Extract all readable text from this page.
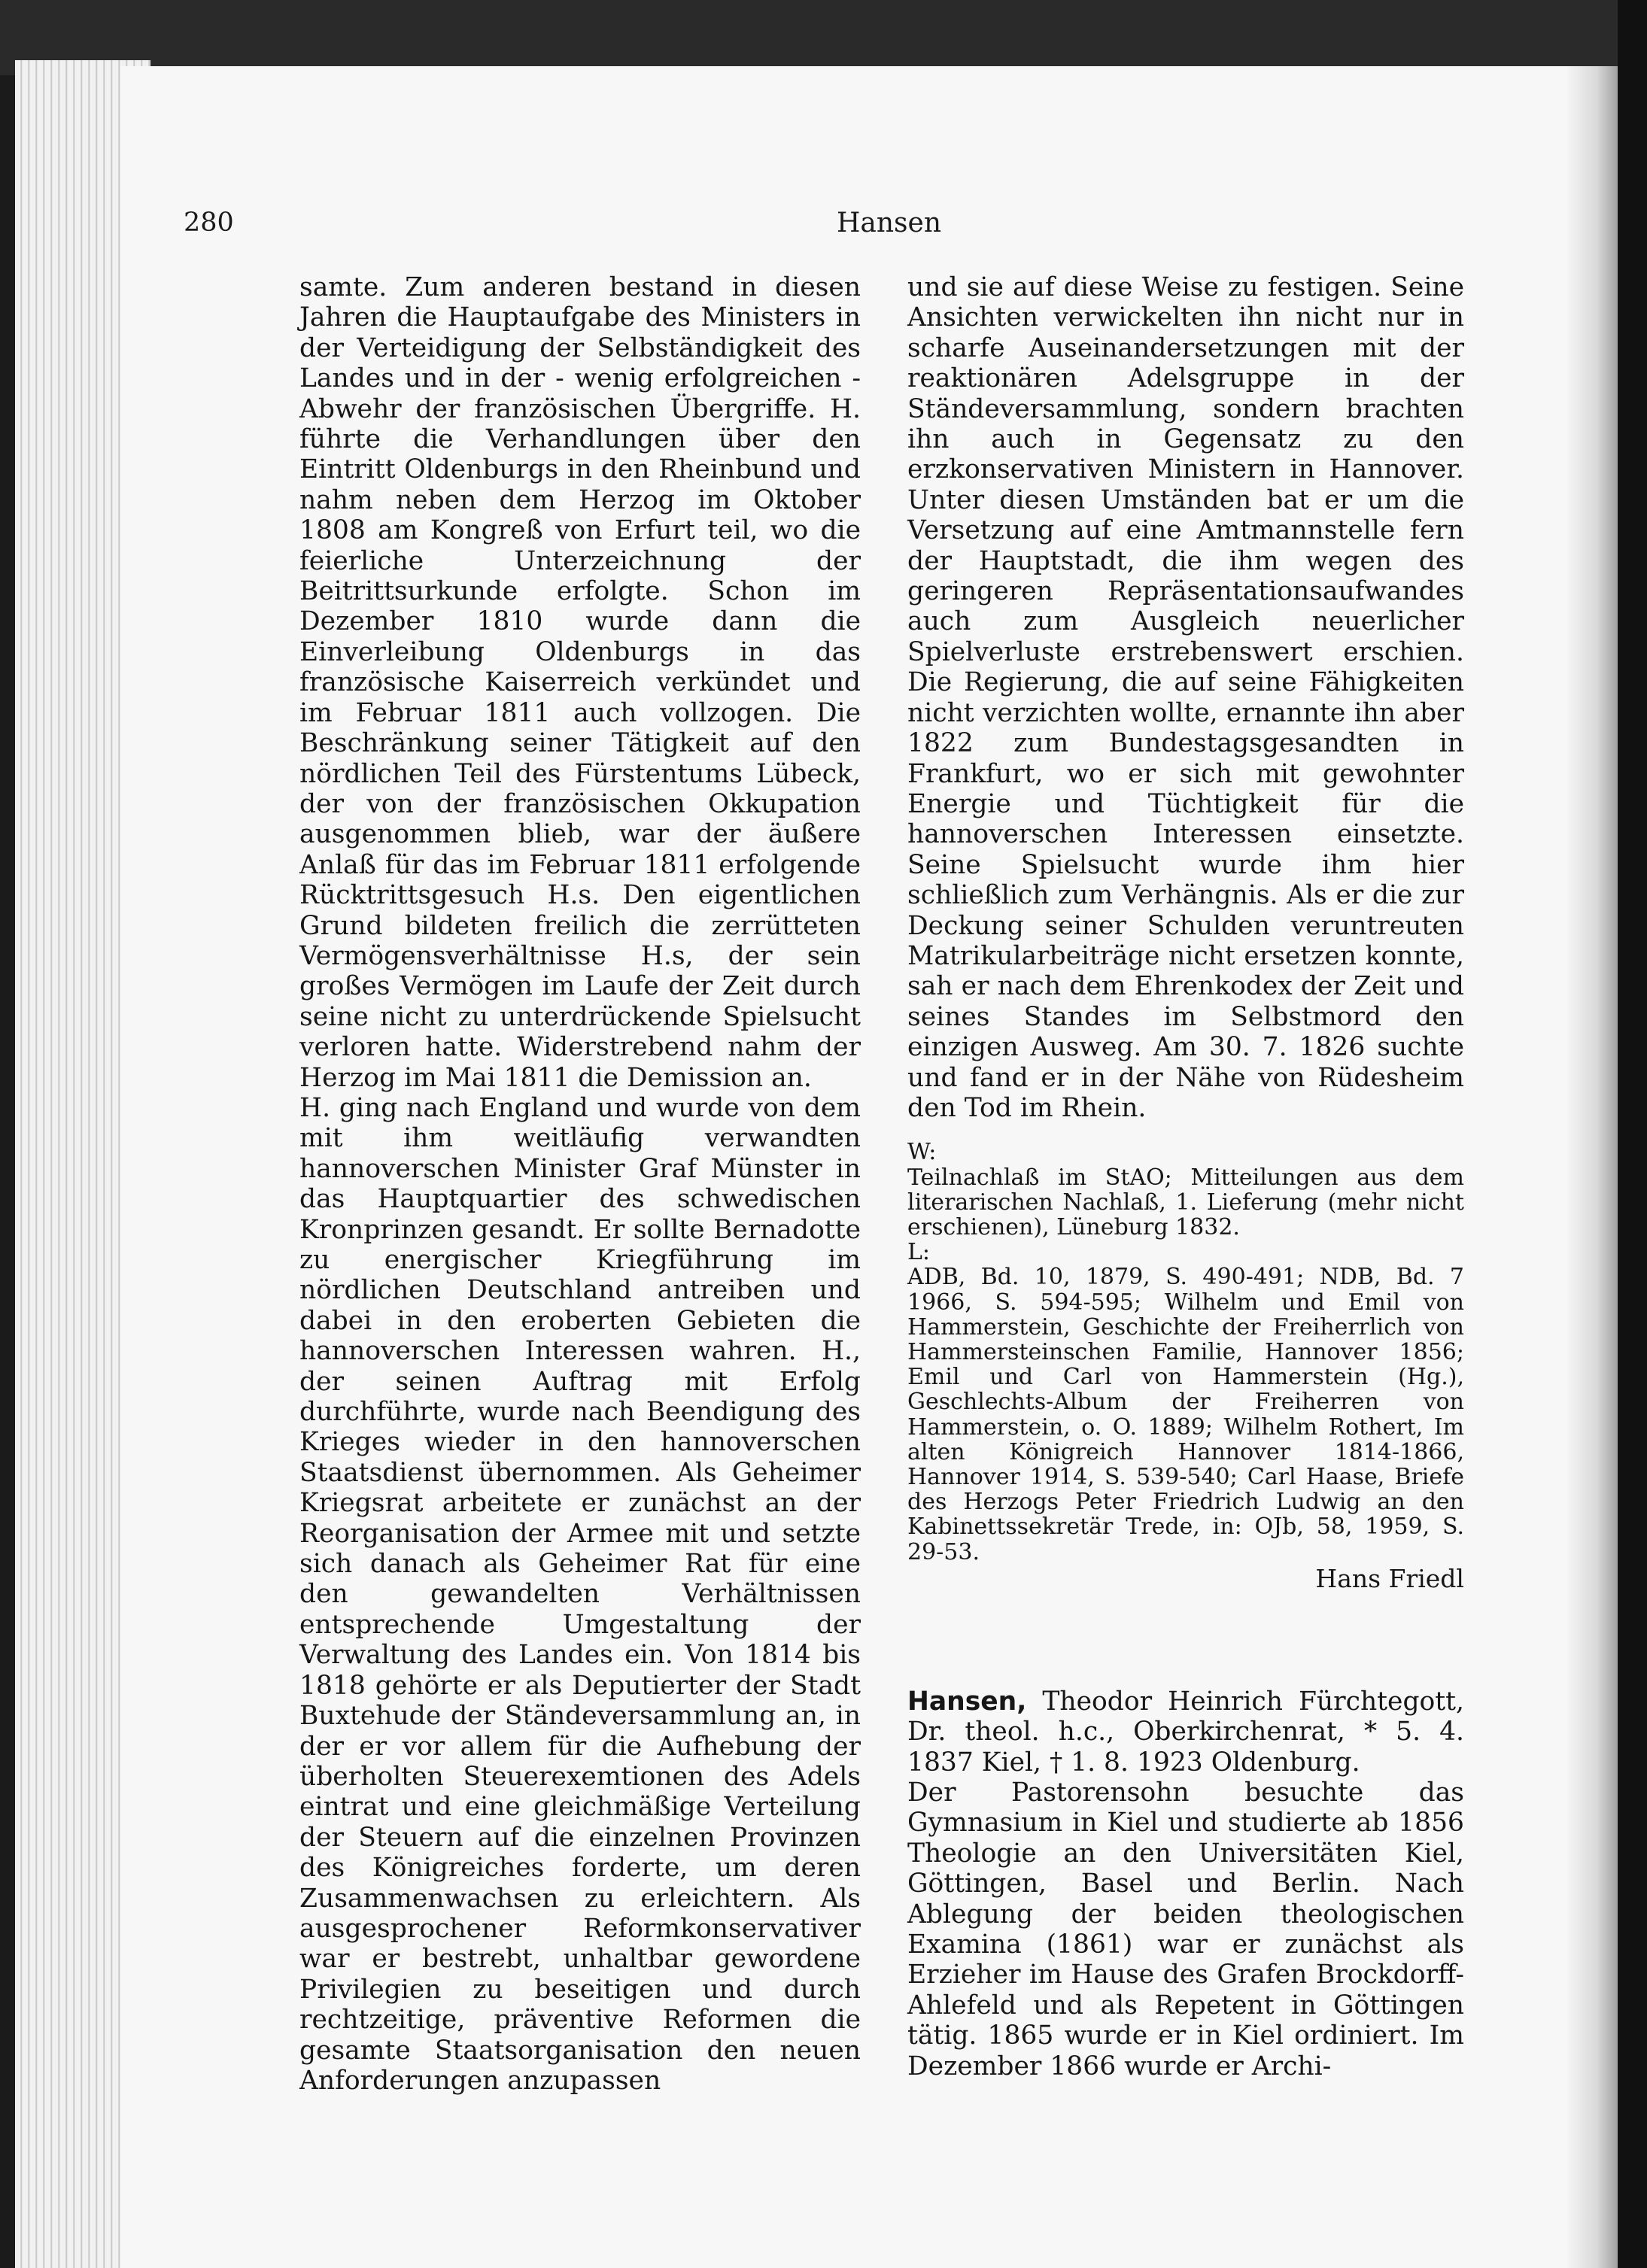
280	Hansen

samte. Zum anderen bestand in diesen Jahren die Hauptaufgabe des Ministers in der Verteidigung der Selbständigkeit des Landes und in der - wenig erfolgreichen - Abwehr der französischen Übergriffe. H. führte die Verhandlungen über den Eintritt Oldenburgs in den Rheinbund und nahm neben dem Herzog im Oktober 1808 am Kongreß von Erfurt teil, wo die feierliche Unterzeichnung der Beitrittsurkunde erfolgte. Schon im Dezember 1810 wurde dann die Einverleibung Oldenburgs in das französische Kaiserreich verkündet und im Februar 1811 auch vollzogen. Die Beschränkung seiner Tätigkeit auf den nördlichen Teil des Fürstentums Lübeck, der von der französischen Okkupation ausgenommen blieb, war der äußere Anlaß für das im Februar 1811 erfolgende Rücktrittsgesuch H.s. Den eigentlichen Grund bildeten freilich die zerrütteten Vermögensverhältnisse H.s, der sein großes Vermögen im Laufe der Zeit durch seine nicht zu unterdrückende Spielsucht verloren hatte. Widerstrebend nahm der Herzog im Mai 1811 die Demission an.

H. ging nach England und wurde von dem mit ihm weitläufig verwandten hannoverschen Minister Graf Münster in das Hauptquartier des schwedischen Kronprinzen gesandt. Er sollte Bernadotte zu energischer Kriegführung im nördlichen Deutschland antreiben und dabei in den eroberten Gebieten die hannoverschen Interessen wahren. H., der seinen Auftrag mit Erfolg durchführte, wurde nach Beendigung des Krieges wieder in den hannoverschen Staatsdienst übernommen. Als Geheimer Kriegsrat arbeitete er zunächst an der Reorganisation der Armee mit und setzte sich danach als Geheimer Rat für eine den gewandelten Verhältnissen entsprechende Umgestaltung der Verwaltung des Landes ein. Von 1814 bis 1818 gehörte er als Deputierter der Stadt Buxtehude der Ständeversammlung an, in der er vor allem für die Aufhebung der überholten Steuerexemtionen des Adels eintrat und eine gleichmäßige Verteilung der Steuern auf die einzelnen Provinzen des Königreiches forderte, um deren Zusammenwachsen zu erleichtern. Als ausgesprochener Reformkonservativer war er bestrebt, unhaltbar gewordene Privilegien zu beseitigen und durch rechtzeitige, präventive Reformen die gesamte Staatsorganisation den neuen Anforderungen anzupassen

und sie auf diese Weise zu festigen. Seine Ansichten verwickelten ihn nicht nur in scharfe Auseinandersetzungen mit der reaktionären Adelsgruppe in der Ständeversammlung, sondern brachten ihn auch in Gegensatz zu den erzkonservativen Ministern in Hannover. Unter diesen Umständen bat er um die Versetzung auf eine Amtmannstelle fern der Hauptstadt, die ihm wegen des geringeren Repräsentationsaufwandes auch zum Ausgleich neuerlicher Spielverluste erstrebenswert erschien. Die Regierung, die auf seine Fähigkeiten nicht verzichten wollte, ernannte ihn aber 1822 zum Bundestagsgesandten in Frankfurt, wo er sich mit gewohnter Energie und Tüchtigkeit für die hannoverschen Interessen einsetzte. Seine Spielsucht wurde ihm hier schließlich zum Verhängnis. Als er die zur Deckung seiner Schulden veruntreuten Matrikularbeiträge nicht ersetzen konnte, sah er nach dem Ehrenkodex der Zeit und seines Standes im Selbstmord den einzigen Ausweg. Am 30. 7. 1826 suchte und fand er in der Nähe von Rüdesheim den Tod im Rhein.

W:

Teilnachlaß im StAO; Mitteilungen aus dem literarischen Nachlaß, 1. Lieferung (mehr nicht erschienen), Lüneburg 1832.

L:

ADB, Bd. 10, 1879, S. 490-491; NDB, Bd. 7 1966, S. 594-595; Wilhelm und Emil von Hammerstein, Geschichte der Freiherrlich von Hammersteinschen Familie, Hannover 1856; Emil und Carl von Hammerstein (Hg.), Geschlechts-Album der Freiherren von Hammerstein, o. O. 1889; Wilhelm Rothert, Im alten Königreich Hannover 1814-1866, Hannover 1914, S. 539-540; Carl Haase, Briefe des Herzogs Peter Friedrich Ludwig an den Kabinettssekretär Trede, in: OJb, 58, 1959, S. 29-53.

Hans Friedl

Hansen, Theodor Heinrich Fürchtegott, Dr. theol. h.c., Oberkirchenrat, * 5. 4. 1837 Kiel, † 1. 8. 1923 Oldenburg.

Der Pastorensohn besuchte das Gymnasium in Kiel und studierte ab 1856 Theologie an den Universitäten Kiel, Göttingen, Basel und Berlin. Nach Ablegung der beiden theologischen Examina (1861) war er zunächst als Erzieher im Hause des Grafen Brockdorff-Ahlefeld und als Repetent in Göttingen tätig. 1865 wurde er in Kiel ordiniert. Im Dezember 1866 wurde er Archi-
